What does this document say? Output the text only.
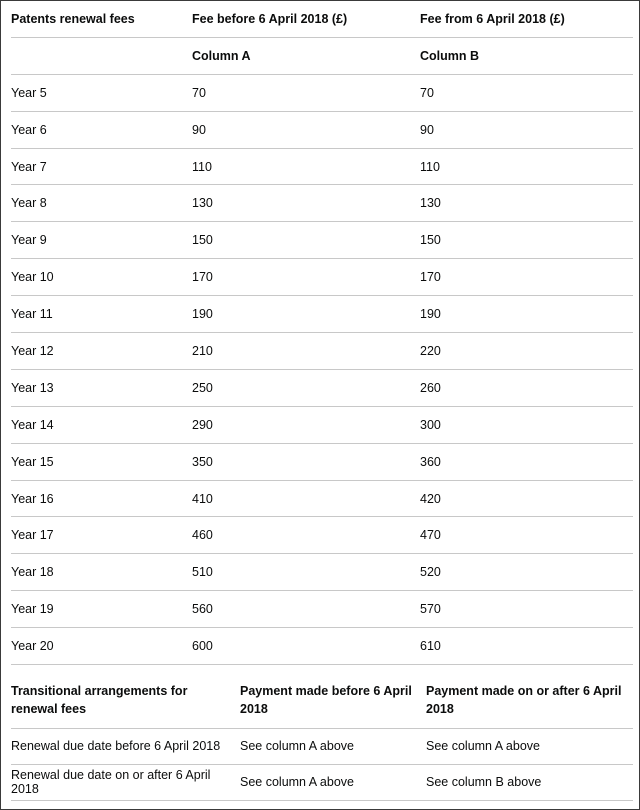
Patents renewal fees	Fee before 6 April 2018 (£)	Fee from 6 April 2018 (£)
	Column A	Column B
Year 5	70	70
Year 6	90	90
Year 7	110	110
Year 8	130	130
Year 9	150	150
Year 10	170	170
Year 11	190	190
Year 12	210	220
Year 13	250	260
Year 14	290	300
Year 15	350	360
Year 16	410	420
Year 17	460	470
Year 18	510	520
Year 19	560	570
Year 20	600	610
Transitional arrangements for renewal fees	Payment made before 6 April 2018	Payment made on or after 6 April 2018
Renewal due date before 6 April 2018	See column A above	See column A above
Renewal due date on or after 6 April 2018	See column A above	See column B above
